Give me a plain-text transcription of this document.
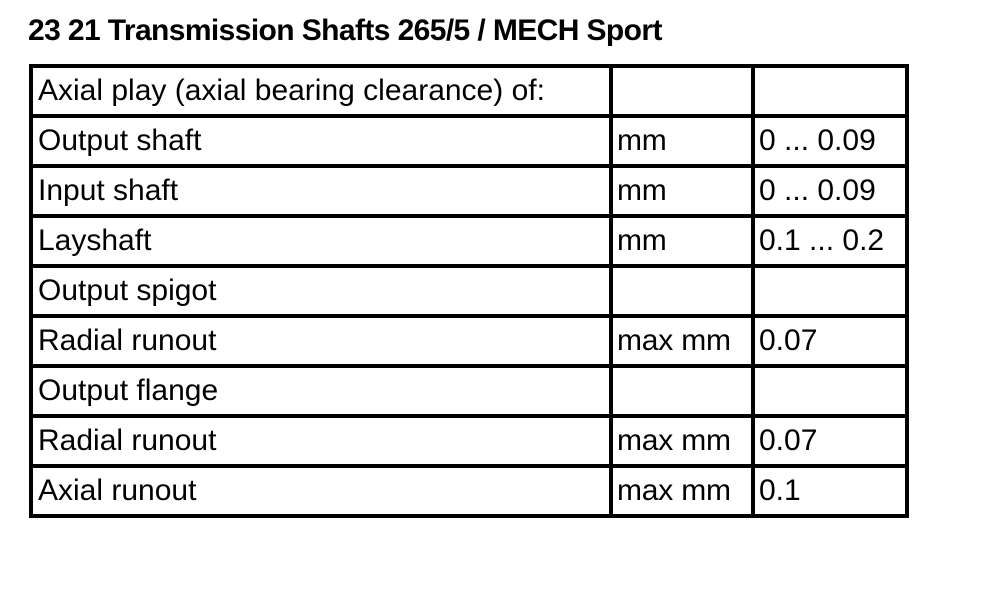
23 21 Transmission Shafts 265/5 / MECH Sport
Axial play (axial bearing clearance) of:		
Output shaft	mm	0 ... 0.09
Input shaft	mm	0 ... 0.09
Layshaft	mm	0.1 ... 0.2
Output spigot		
Radial runout	max mm	0.07
Output flange		
Radial runout	max mm	0.07
Axial runout	max mm	0.1
